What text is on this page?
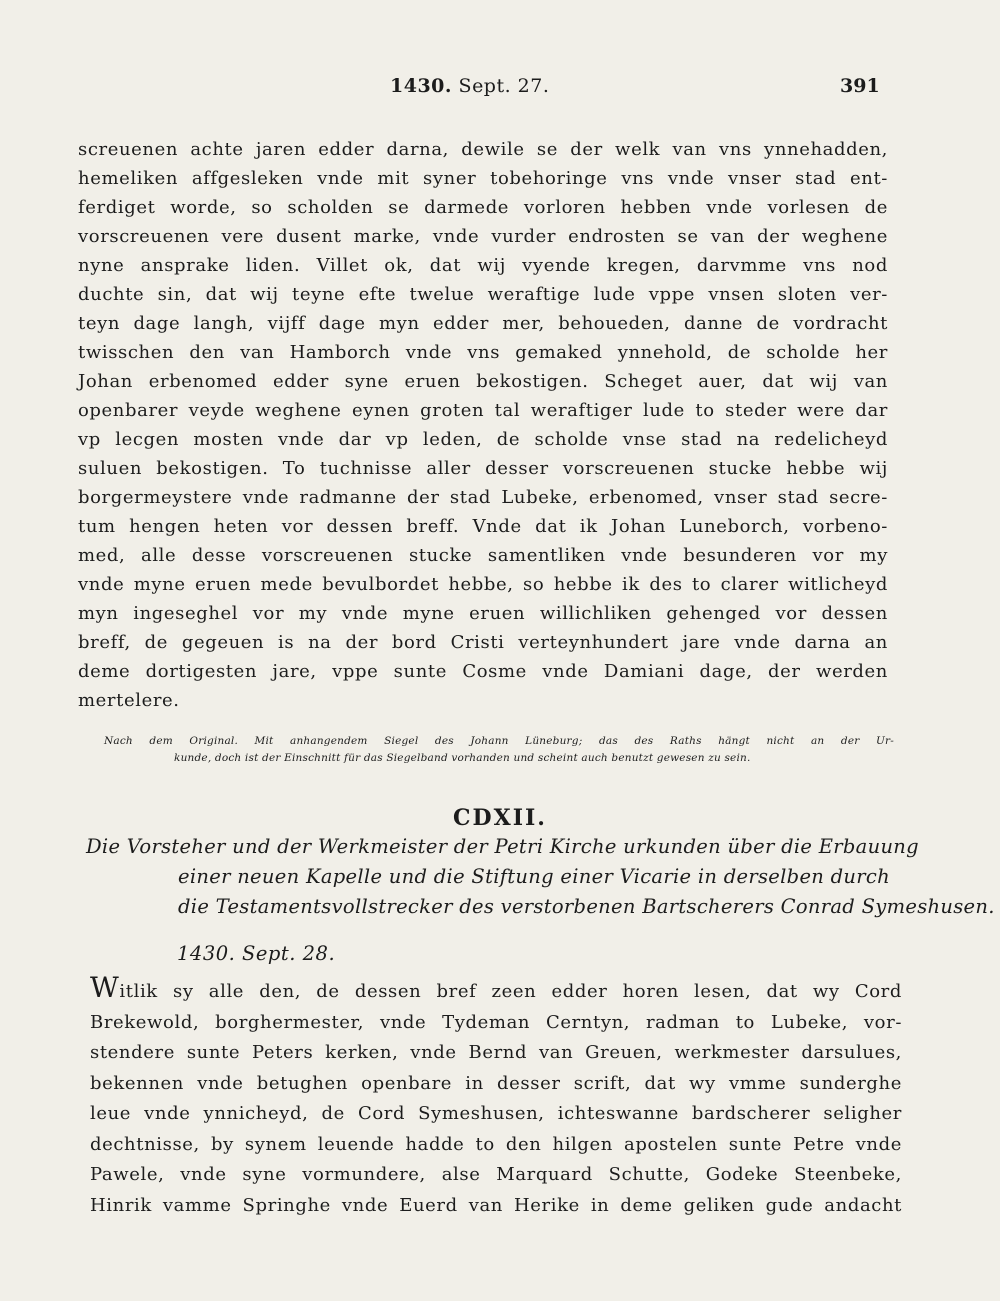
1430. Sept. 27.	391
screuenen achte jaren edder darna, dewile se der welk van vns ynnehadden,
hemeliken affgesleken vnde mit syner tobehoringe vns vnde vnser stad ent-
ferdiget worde, so scholden se darmede vorloren hebben vnde vorlesen de
vorscreuenen vere dusent marke, vnde vurder endrosten se van der weghene
nyne ansprake liden. Villet ok, dat wij vyende kregen, darvmme vns nod
duchte sin, dat wij teyne efte twelue weraftige lude vppe vnsen sloten ver-
teyn dage langh, vijff dage myn edder mer, behoueden, danne de vordracht
twisschen den van Hamborch vnde vns gemaked ynnehold, de scholde her
Johan erbenomed edder syne eruen bekostigen. Scheget auer, dat wij van
openbarer veyde weghene eynen groten tal weraftiger lude to steder were dar
vp lecgen mosten vnde dar vp leden, de scholde vnse stad na redelicheyd
suluen bekostigen. To tuchnisse aller desser vorscreuenen stucke hebbe wij
borgermeystere vnde radmanne der stad Lubeke, erbenomed, vnser stad secre-
tum hengen heten vor dessen breff. Vnde dat ik Johan Luneborch, vorbeno-
med, alle desse vorscreuenen stucke samentliken vnde besunderen vor my
vnde myne eruen mede bevulbordet hebbe, so hebbe ik des to clarer witlicheyd
myn ingeseghel vor my vnde myne eruen willichliken gehenged vor dessen
breff, de gegeuen is na der bord Cristi verteynhundert jare vnde darna an
deme dortigesten jare, vppe sunte Cosme vnde Damiani dage, der werden
mertelere.
Nach dem Original. Mit anhangendem Siegel des Johann Lüneburg; das des Raths hängt nicht an der Ur-
kunde, doch ist der Einschnitt für das Siegelband vorhanden und scheint auch benutzt gewesen zu sein.
CDXII.
Die Vorsteher und der Werkmeister der Petri Kirche urkunden über die Erbauung
einer neuen Kapelle und die Stiftung einer Vicarie in derselben durch
die Testamentsvollstrecker des verstorbenen Bartscherers Conrad Symeshusen.
1430. Sept. 28.
Witlik sy alle den, de dessen bref zeen edder horen lesen, dat wy Cord
Brekewold, borghermester, vnde Tydeman Cerntyn, radman to Lubeke, vor-
stendere sunte Peters kerken, vnde Bernd van Greuen, werkmester darsulues,
bekennen vnde betughen openbare in desser scrift, dat wy vmme sunderghe
leue vnde ynnicheyd, de Cord Symeshusen, ichteswanne bardscherer seligher
dechtnisse, by synem leuende hadde to den hilgen apostelen sunte Petre vnde
Pawele, vnde syne vormundere, alse Marquard Schutte, Godeke Steenbeke,
Hinrik vamme Springhe vnde Euerd van Herike in deme geliken gude andacht
